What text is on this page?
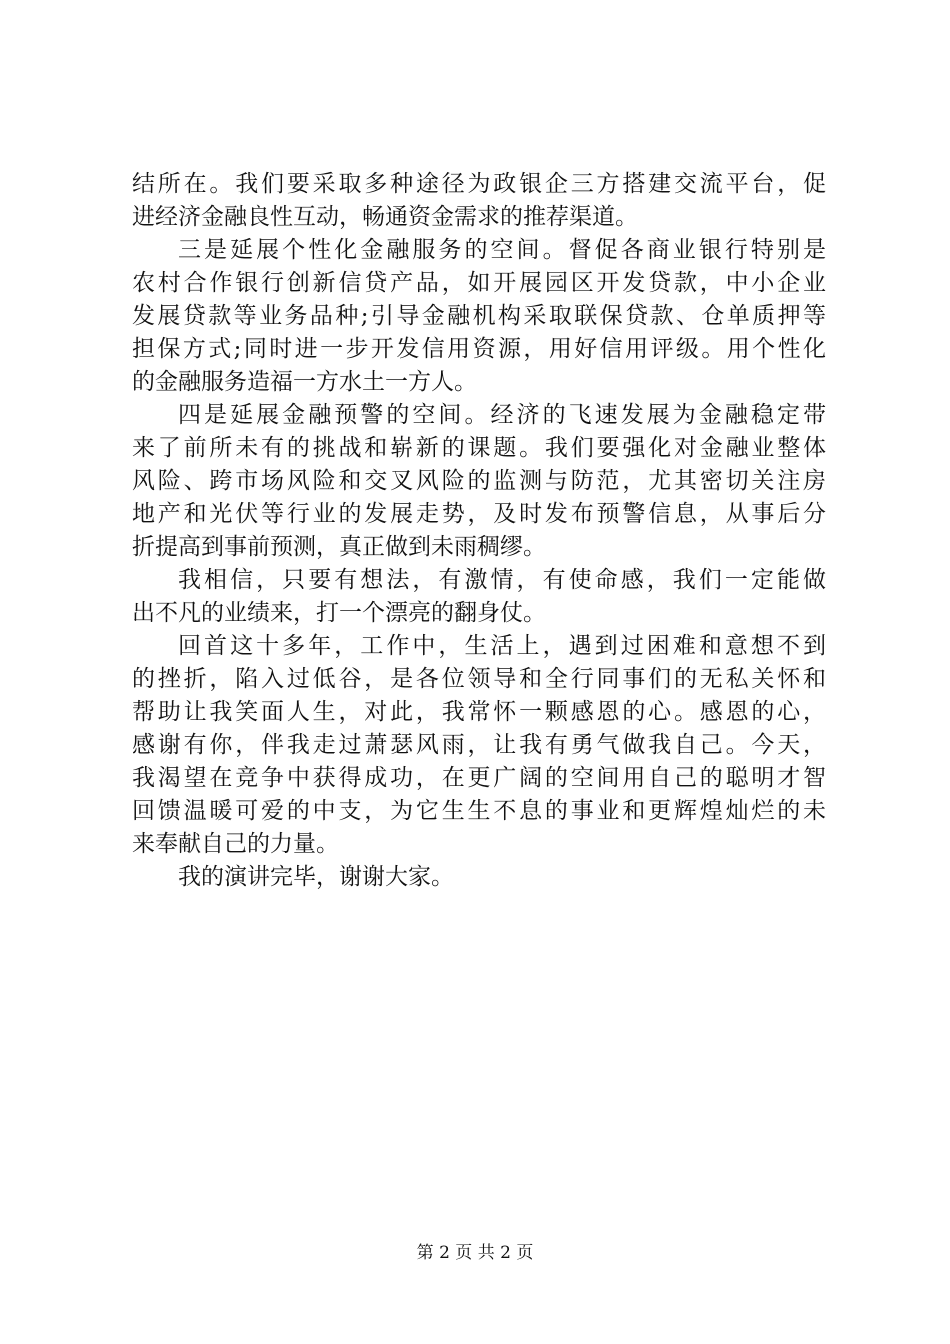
结所在。我们要采取多种途径为政银企三方搭建交流平台，促
进经济金融良性互动，畅通资金需求的推荐渠道。
三是延展个性化金融服务的空间。督促各商业银行特别是
农村合作银行创新信贷产品，如开展园区开发贷款，中小企业
发展贷款等业务品种;引导金融机构采取联保贷款、仓单质押等
担保方式;同时进一步开发信用资源，用好信用评级。用个性化
的金融服务造福一方水土一方人。
四是延展金融预警的空间。经济的飞速发展为金融稳定带
来了前所未有的挑战和崭新的课题。我们要强化对金融业整体
风险、跨市场风险和交叉风险的监测与防范，尤其密切关注房
地产和光伏等行业的发展走势，及时发布预警信息，从事后分
折提高到事前预测，真正做到未雨稠缪。
我相信，只要有想法，有激情，有使命感，我们一定能做
出不凡的业绩来，打一个漂亮的翻身仗。
回首这十多年，工作中，生活上，遇到过困难和意想不到
的挫折，陷入过低谷，是各位领导和全行同事们的无私关怀和
帮助让我笑面人生，对此，我常怀一颗感恩的心。感恩的心，
感谢有你，伴我走过萧瑟风雨，让我有勇气做我自己。今天，
我渴望在竞争中获得成功，在更广阔的空间用自己的聪明才智
回馈温暖可爱的中支，为它生生不息的事业和更辉煌灿烂的未
来奉献自己的力量。
我的演讲完毕，谢谢大家。
第 2 页 共 2 页
